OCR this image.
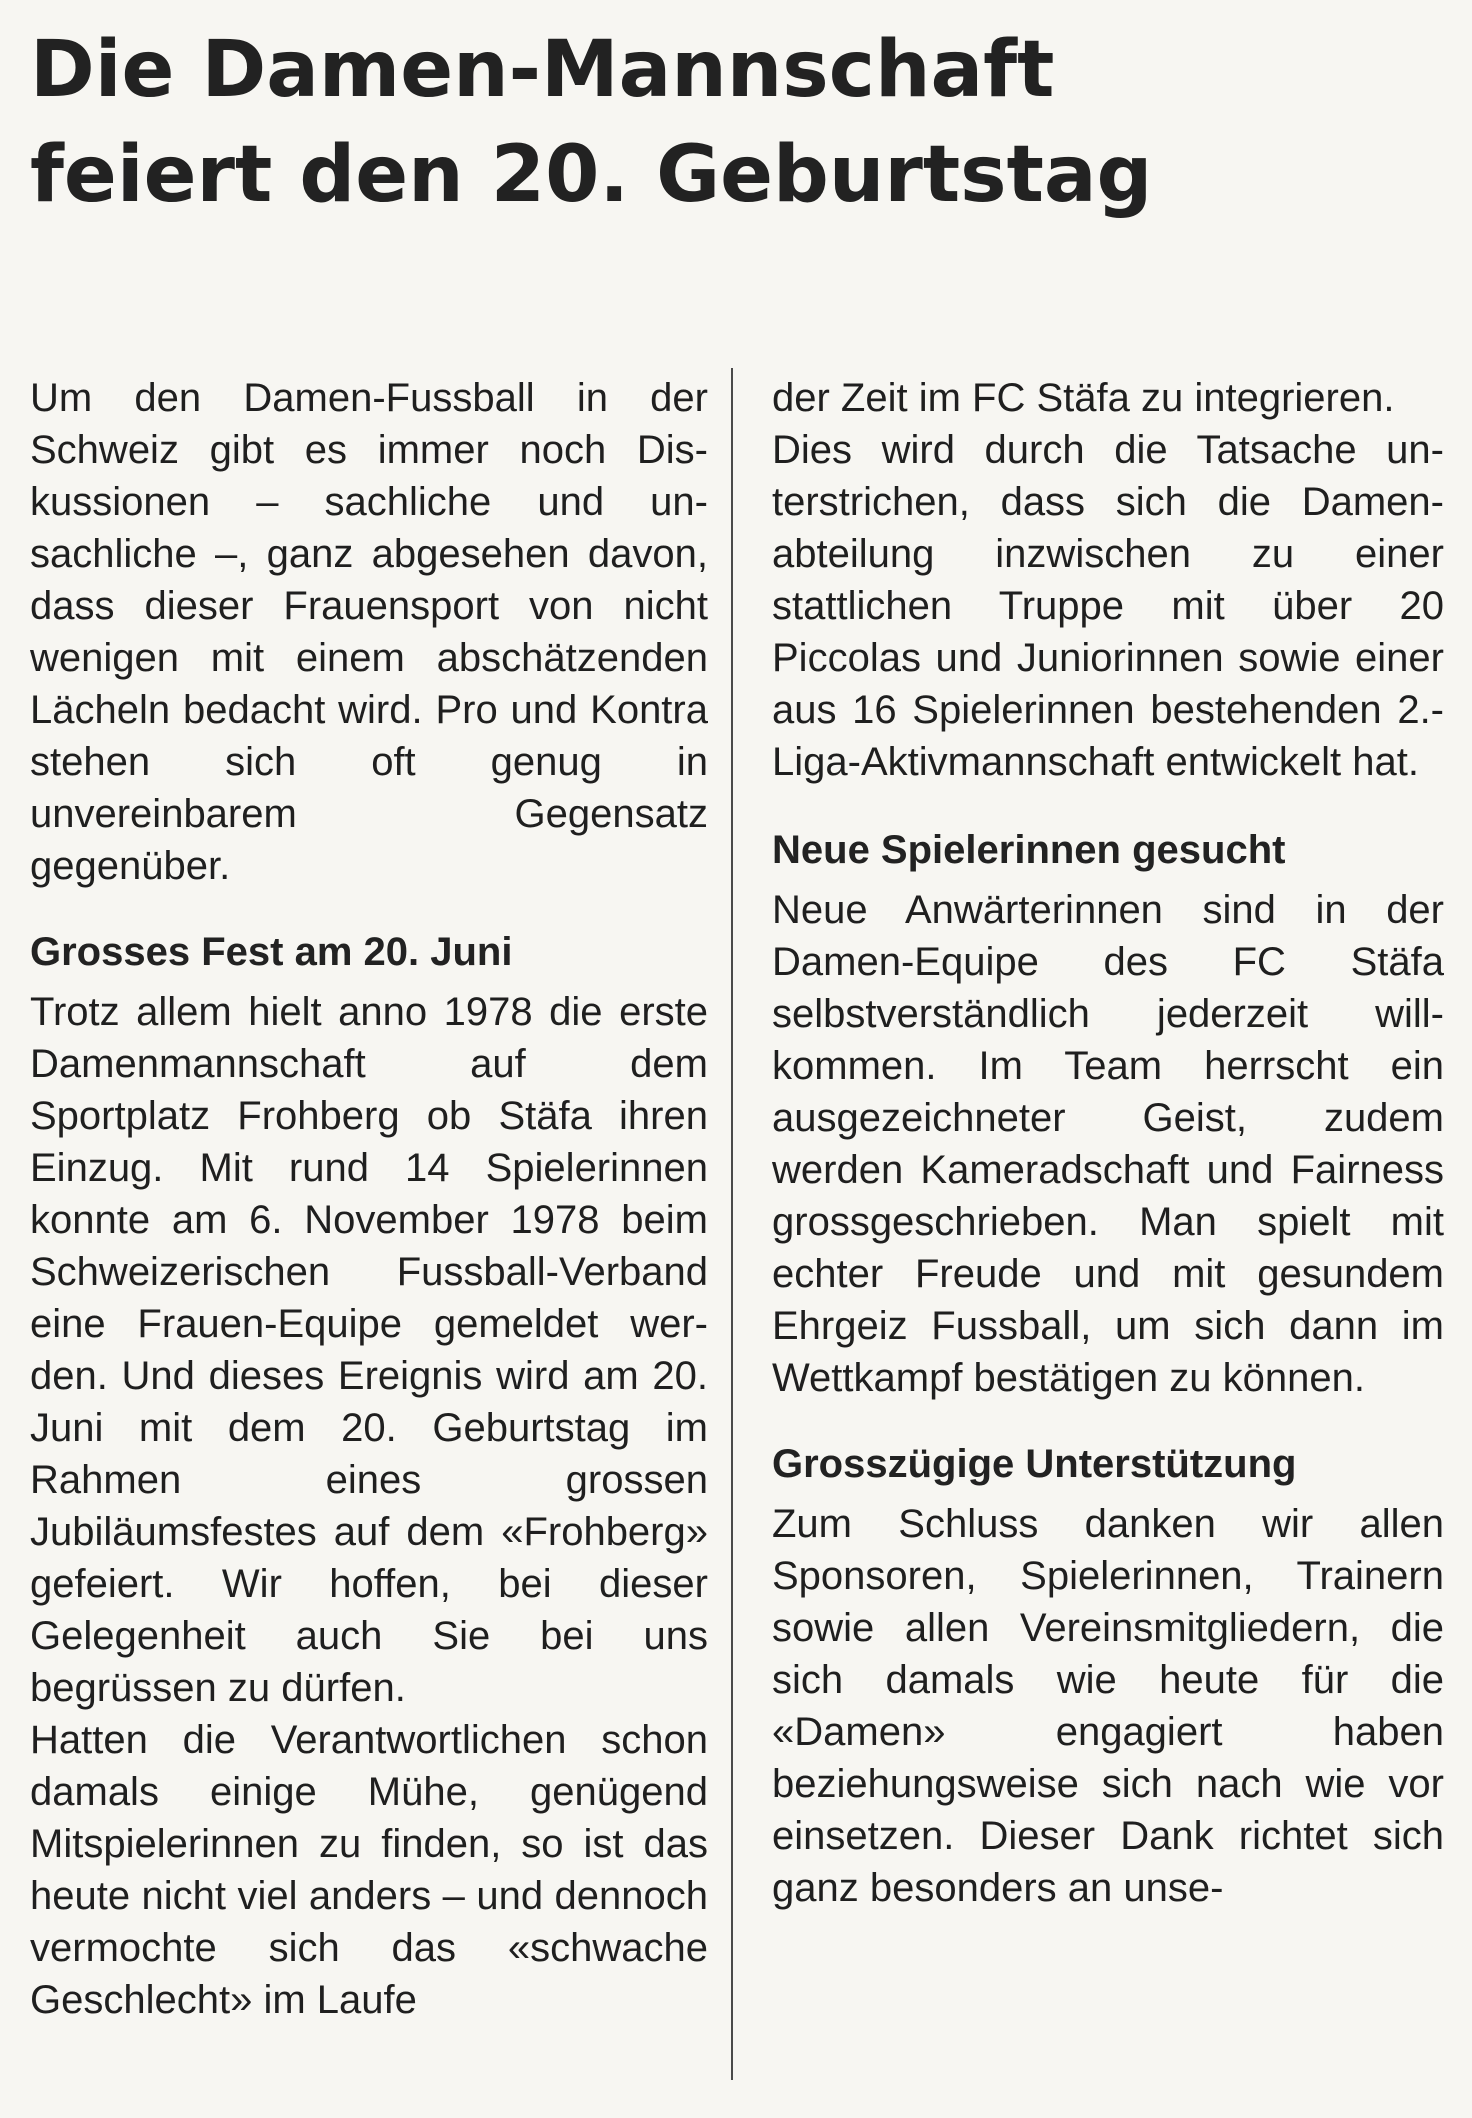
Die Damen-Mannschaft
feiert den 20. Geburtstag

Um den Damen-Fussball in der Schweiz gibt es immer noch Diskussionen – sachliche und unsachliche –, ganz abgesehen davon, dass dieser Frauensport von nicht wenigen mit einem abschätzenden Lächeln bedacht wird. Pro und Kontra stehen sich oft genug in unvereinbarem Gegensatz gegenüber.

Grosses Fest am 20. Juni

Trotz allem hielt anno 1978 die erste Damenmannschaft auf dem Sportplatz Frohberg ob Stäfa ihren Einzug. Mit rund 14 Spielerinnen konnte am 6. November 1978 beim Schweizerischen Fussball-Verband eine Frauen-Equipe gemeldet werden. Und dieses Ereignis wird am 20. Juni mit dem 20. Geburtstag im Rahmen eines grossen Jubiläumsfestes auf dem «Frohberg» gefeiert. Wir hoffen, bei dieser Gelegenheit auch Sie bei uns begrüssen zu dürfen.

Hatten die Verantwortlichen schon damals einige Mühe, genügend Mitspielerinnen zu finden, so ist das heute nicht viel anders – und dennoch vermochte sich das «schwache Geschlecht» im Laufe

der Zeit im FC Stäfa zu integrieren.

Dies wird durch die Tatsache unterstrichen, dass sich die Damenabteilung inzwischen zu einer stattlichen Truppe mit über 20 Piccolas und Juniorinnen sowie einer aus 16 Spielerinnen bestehenden 2.-Liga-Aktivmannschaft entwickelt hat.

Neue Spielerinnen gesucht

Neue Anwärterinnen sind in der Damen-Equipe des FC Stäfa selbstverständlich jederzeit willkommen. Im Team herrscht ein ausgezeichneter Geist, zudem werden Kameradschaft und Fairness grossgeschrieben. Man spielt mit echter Freude und mit gesundem Ehrgeiz Fussball, um sich dann im Wettkampf bestätigen zu können.

Grosszügige Unterstützung

Zum Schluss danken wir allen Sponsoren, Spielerinnen, Trainern sowie allen Vereinsmitgliedern, die sich damals wie heute für die «Damen» engagiert haben beziehungsweise sich nach wie vor einsetzen. Dieser Dank richtet sich ganz besonders an unse-
